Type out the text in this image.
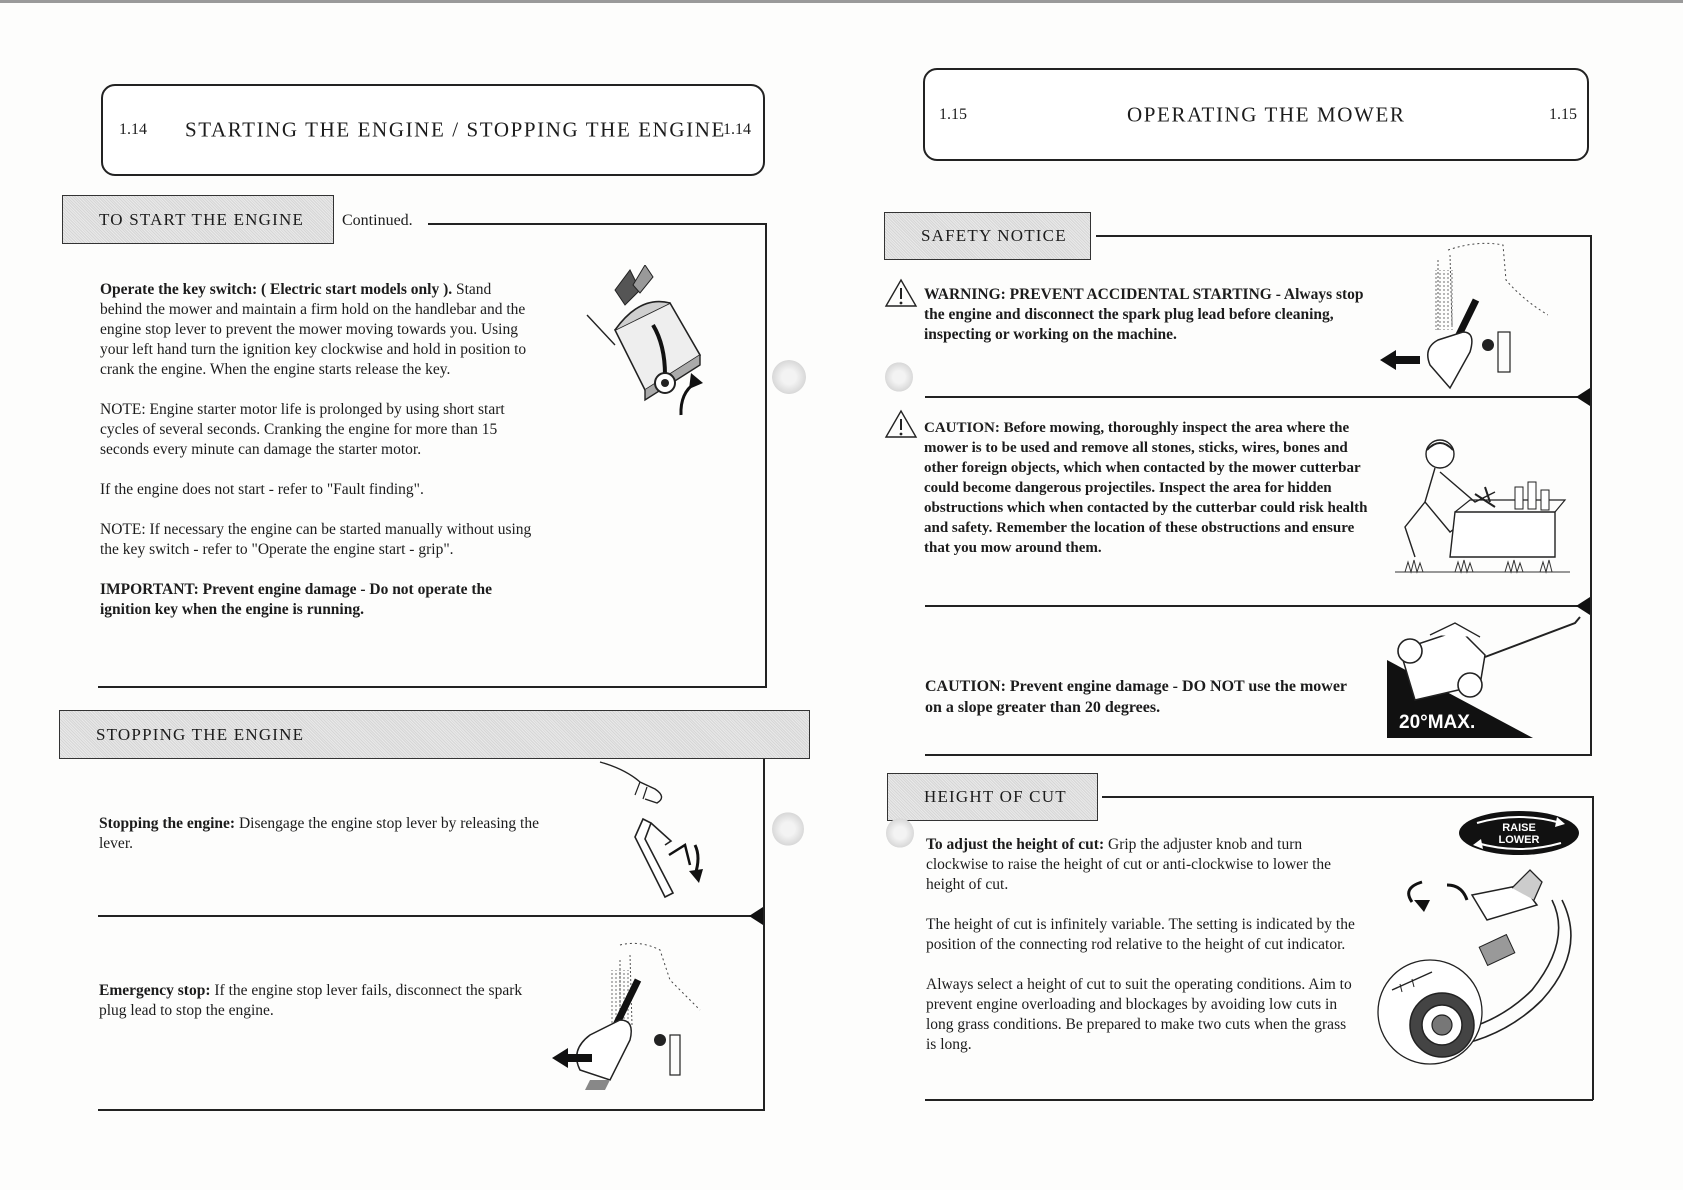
1.14 STARTING THE ENGINE / STOPPING THE ENGINE
1.14
TO START THE ENGINE	Continued.

Operate the key switch: ( Electric start models only ). Stand behind the mower and maintain a firm hold on the handlebar and the engine stop lever to prevent the mower moving towards you. Using your left hand turn the ignition key clockwise and hold in position to crank the engine. When the engine starts release the key.

NOTE: Engine starter motor life is prolonged by using short start cycles of several seconds. Cranking the engine for more than 15 seconds every minute can damage the starter motor.

If the engine does not start - refer to "Fault finding".

NOTE: If necessary the engine can be started manually without using the key switch - refer to "Operate the engine start - grip".

IMPORTANT: Prevent engine damage - Do not operate the ignition key when the engine is running.

STOPPING THE ENGINE
Stopping the engine: Disengage the engine stop lever by releasing the lever.
Emergency stop: If the engine stop lever fails, disconnect the spark plug lead to stop the engine.
1.15	OPERATING THE MOWER	1.15
SAFETY NOTICE
WARNING: PREVENT ACCIDENTAL STARTING - Always stop the engine and disconnect the spark plug lead before cleaning, inspecting or working on the machine.
CAUTION: Before mowing, thoroughly inspect the area where the mower is to be used and remove all stones, sticks, wires, bones and other foreign objects, which when contacted by the mower cutterbar could become dangerous projectiles. Inspect the area for hidden obstructions which when contacted by the cutterbar could risk health and safety. Remember the location of these obstructions and ensure that you mow around them.
CAUTION: Prevent engine damage - DO NOT use the mower on a slope greater than 20 degrees.
20°MAX.
HEIGHT OF CUT

To adjust the height of cut: Grip the adjuster knob and turn clockwise to raise the height of cut or anti-clockwise to lower the height of cut.

The height of cut is infinitely variable. The setting is indicated by the position of the connecting rod relative to the height of cut indicator.

Always select a height of cut to suit the operating conditions. Aim to prevent engine overloading and blockages by avoiding low cuts in long grass conditions. Be prepared to make two cuts when the grass is long.

RAISE
LOWER
